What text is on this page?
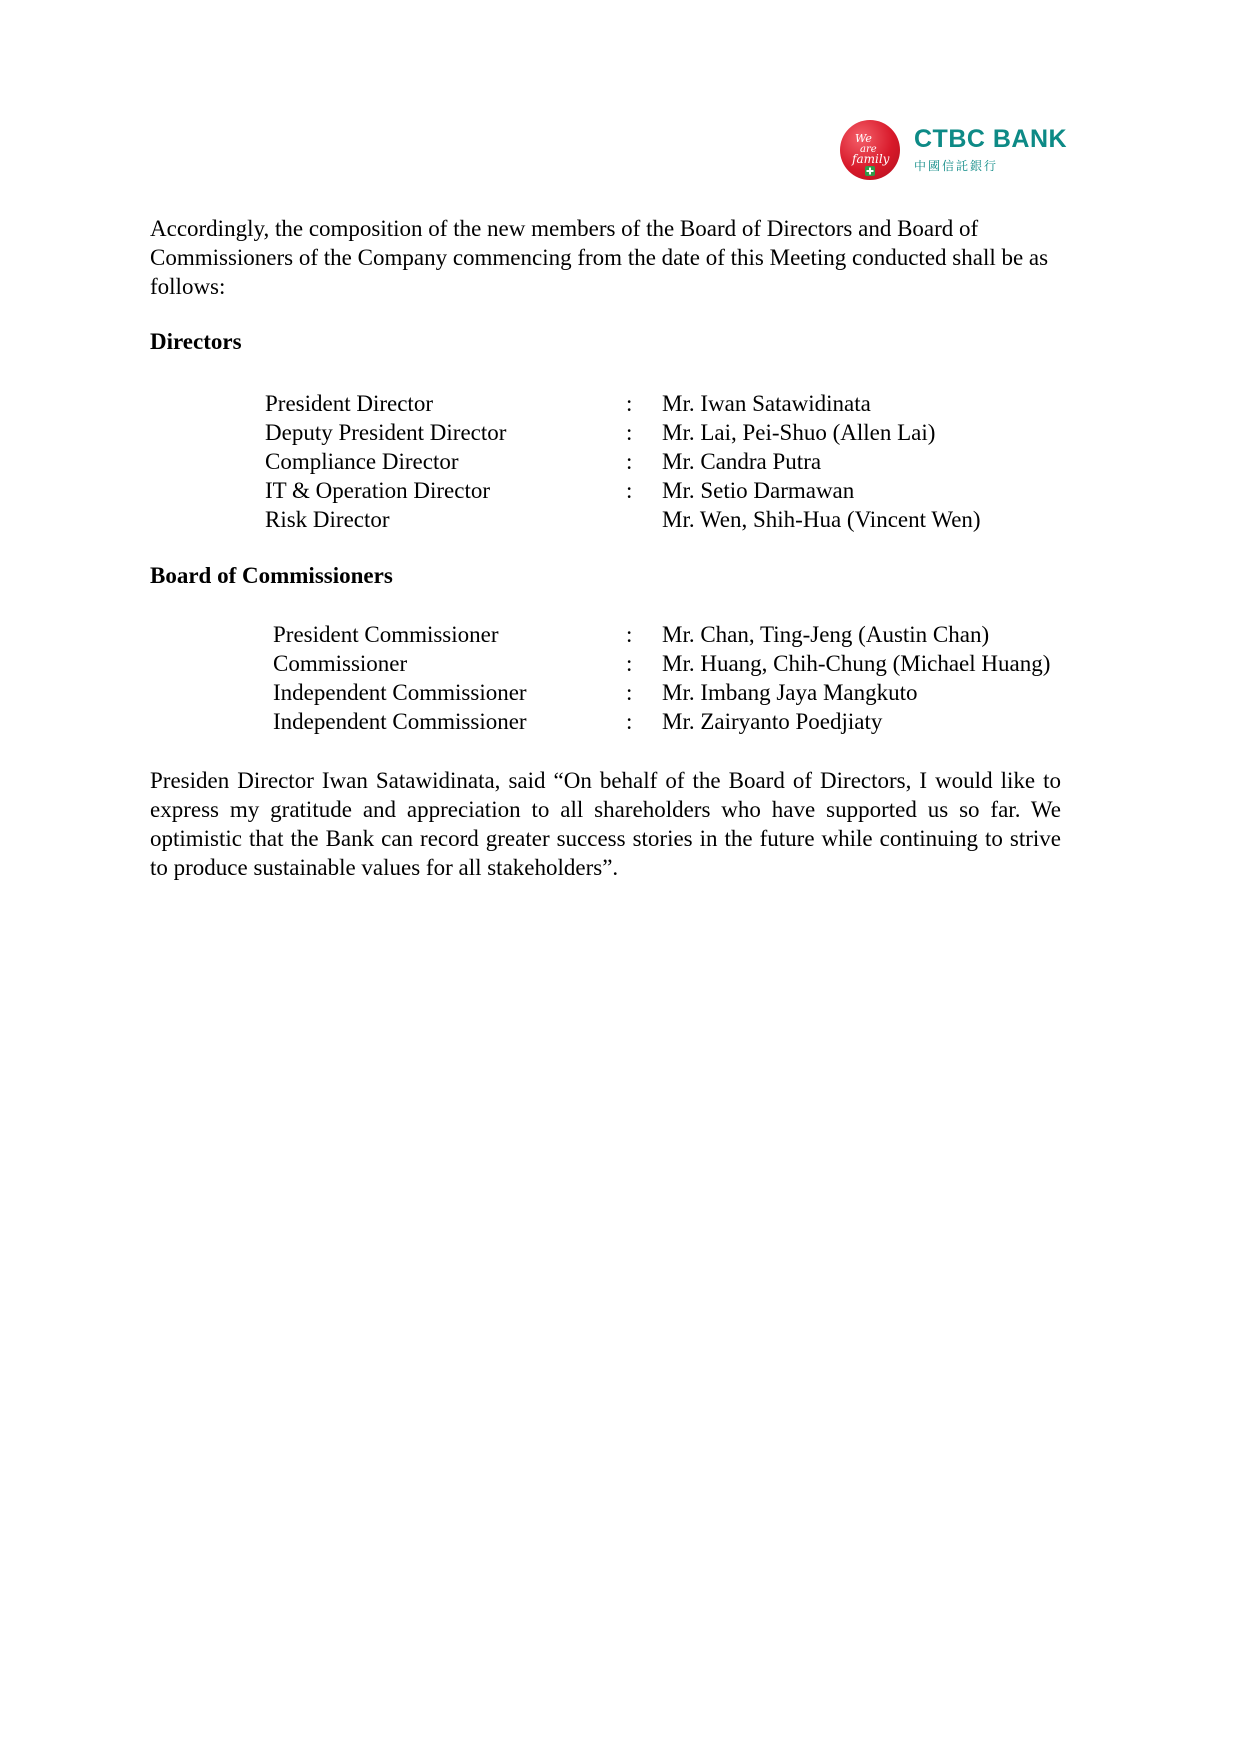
We
are
family
CTBC BANK
中國信託銀行

Accordingly, the composition of the new members of the Board of Directors and Board of Commissioners of the Company commencing from the date of this Meeting conducted shall be as follows:

Directors
President Director	: Mr. Iwan Satawidinata
Deputy President Director	: Mr. Lai, Pei-Shuo (Allen Lai)
Compliance Director	: Mr. Candra Putra
IT & Operation Director	: Mr. Setio Darmawan
Risk Director	Mr. Wen, Shih-Hua (Vincent Wen)
Board of Commissioners
President Commissioner	: Mr. Chan, Ting-Jeng (Austin Chan)
Commissioner	: Mr. Huang, Chih-Chung (Michael Huang)
Independent Commissioner	: Mr. Imbang Jaya Mangkuto
Independent Commissioner	: Mr. Zairyanto Poedjiaty

Presiden Director Iwan Satawidinata, said “On behalf of the Board of Directors, I would like to express my gratitude and appreciation to all shareholders who have supported us so far. We optimistic that the Bank can record greater success stories in the future while continuing to strive to produce sustainable values for all stakeholders”.
